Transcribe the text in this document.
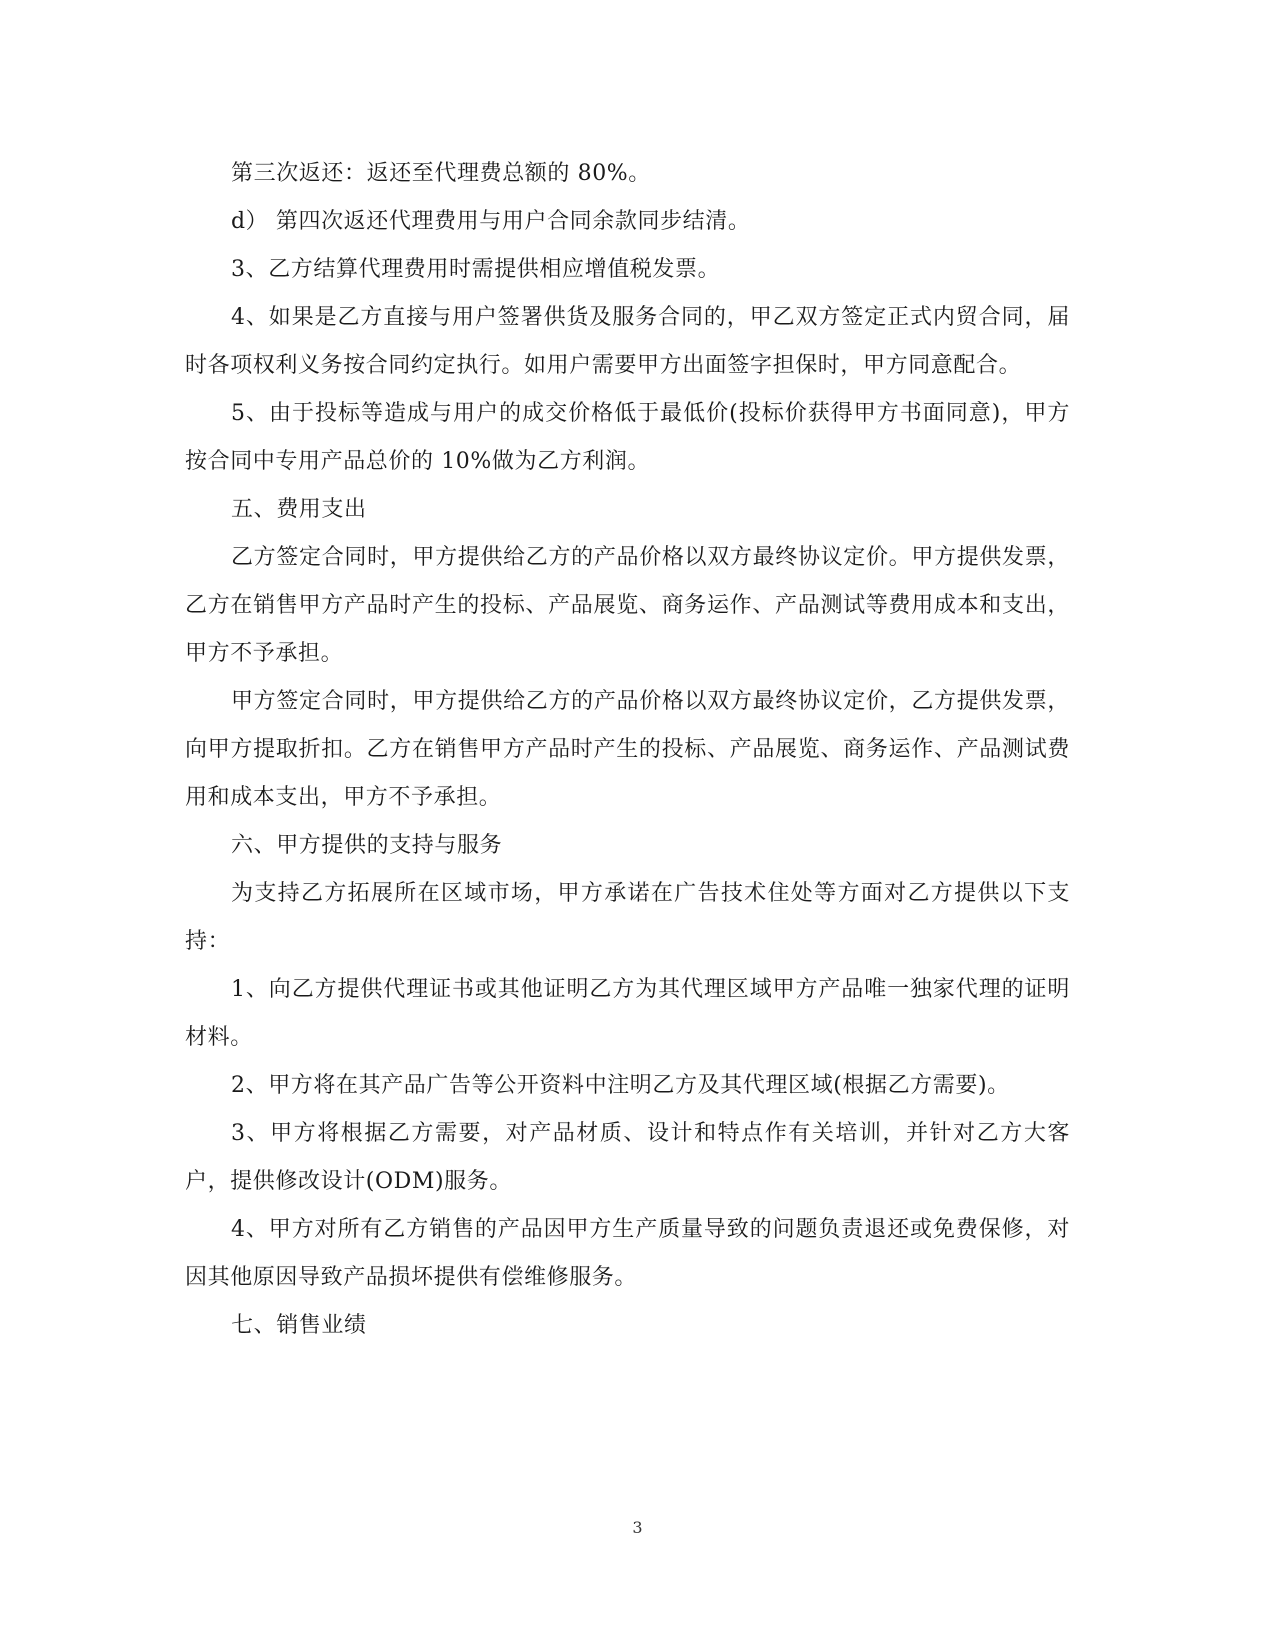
第三次返还：返还至代理费总额的 80%。

d） 第四次返还代理费用与用户合同余款同步结清。

3、乙方结算代理费用时需提供相应增值税发票。

4、如果是乙方直接与用户签署供货及服务合同的，甲乙双方签定正式内贸合同，届时各项权利义务按合同约定执行。如用户需要甲方出面签字担保时，甲方同意配合。

5、由于投标等造成与用户的成交价格低于最低价(投标价获得甲方书面同意)，甲方按合同中专用产品总价的 10%做为乙方利润。

五、费用支出

乙方签定合同时，甲方提供给乙方的产品价格以双方最终协议定价。甲方提供发票，乙方在销售甲方产品时产生的投标、产品展览、商务运作、产品测试等费用成本和支出，甲方不予承担。

甲方签定合同时，甲方提供给乙方的产品价格以双方最终协议定价，乙方提供发票，向甲方提取折扣。乙方在销售甲方产品时产生的投标、产品展览、商务运作、产品测试费用和成本支出，甲方不予承担。

六、甲方提供的支持与服务

为支持乙方拓展所在区域市场，甲方承诺在广告技术住处等方面对乙方提供以下支持：

1、向乙方提供代理证书或其他证明乙方为其代理区域甲方产品唯一独家代理的证明材料。

2、甲方将在其产品广告等公开资料中注明乙方及其代理区域(根据乙方需要)。

3、甲方将根据乙方需要，对产品材质、设计和特点作有关培训，并针对乙方大客户，提供修改设计(ODM)服务。

4、甲方对所有乙方销售的产品因甲方生产质量导致的问题负责退还或免费保修，对因其他原因导致产品损坏提供有偿维修服务。

七、销售业绩

3
